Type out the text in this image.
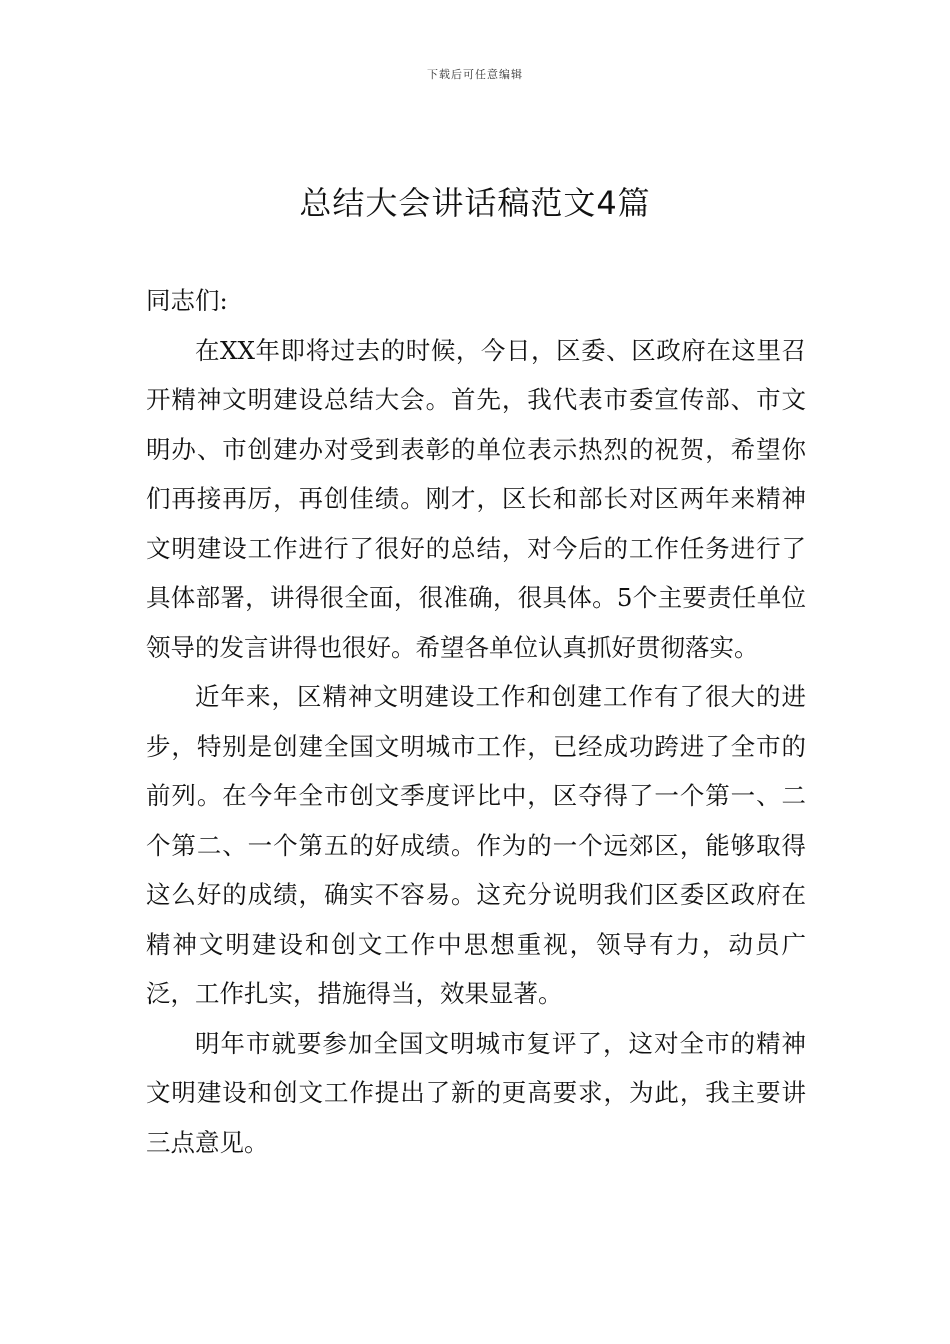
下载后可任意编辑
总结大会讲话稿范文4篇

同志们:

在XX年即将过去的时候，今日，区委、区政府在这里召开精神文明建设总结大会。首先，我代表市委宣传部、市文明办、市创建办对受到表彰的单位表示热烈的祝贺，希望你们再接再厉，再创佳绩。刚才，区长和部长对区两年来精神文明建设工作进行了很好的总结，对今后的工作任务进行了具体部署，讲得很全面，很准确，很具体。5个主要责任单位领导的发言讲得也很好。希望各单位认真抓好贯彻落实。

近年来，区精神文明建设工作和创建工作有了很大的进步，特别是创建全国文明城市工作，已经成功跨进了全市的前列。在今年全市创文季度评比中，区夺得了一个第一、二个第二、一个第五的好成绩。作为的一个远郊区，能够取得这么好的成绩，确实不容易。这充分说明我们区委区政府在精神文明建设和创文工作中思想重视，领导有力，动员广泛，工作扎实，措施得当，效果显著。

明年市就要参加全国文明城市复评了，这对全市的精神文明建设和创文工作提出了新的更高要求，为此，我主要讲三点意见。
